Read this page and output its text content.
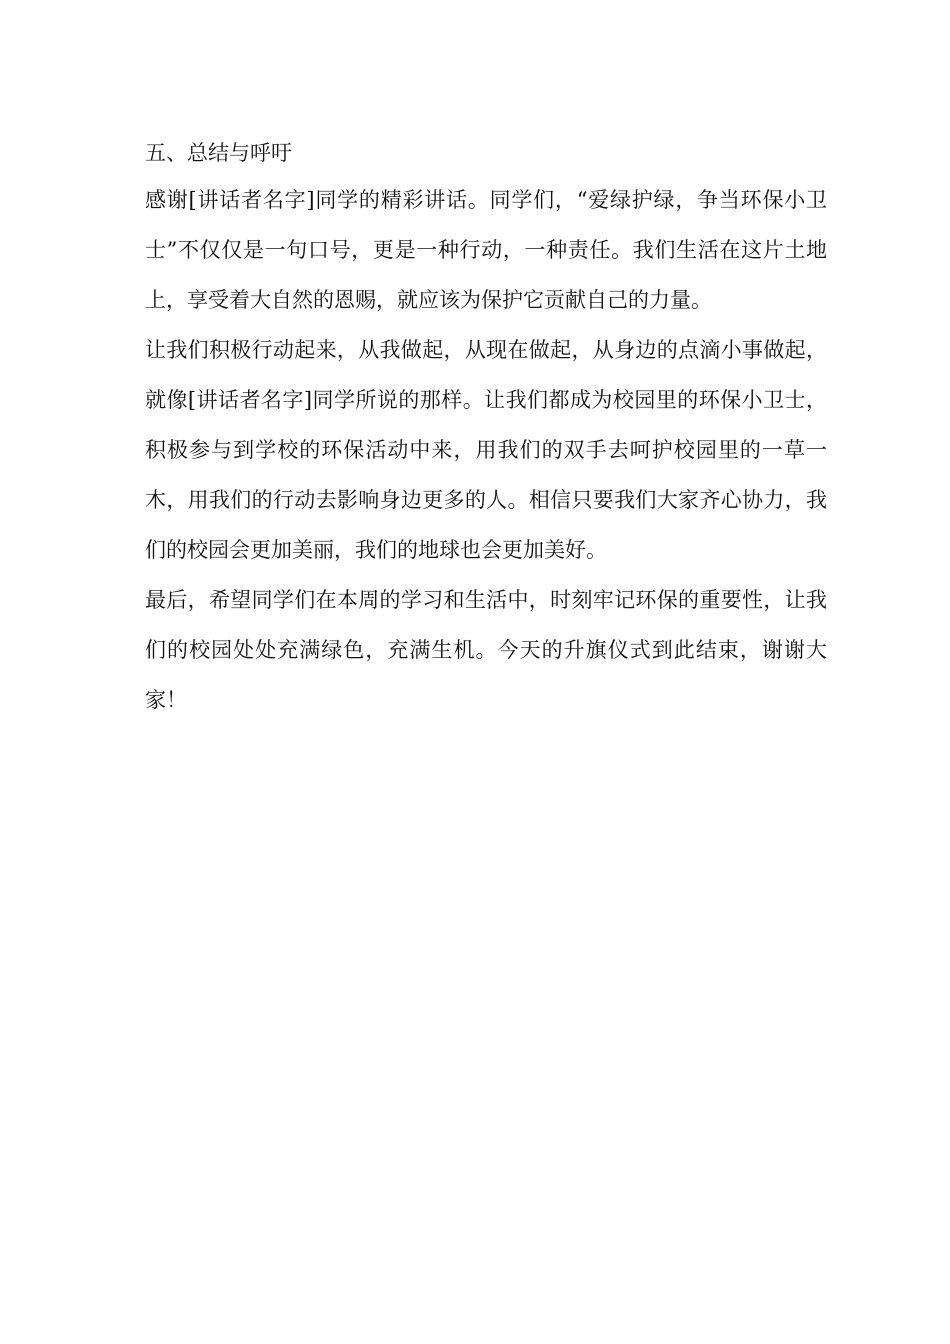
五、总结与呼吁

感谢[讲话者名字]同学的精彩讲话。同学们，“爱绿护绿，争当环保小卫士”不仅仅是一句口号，更是一种行动，一种责任。我们生活在这片土地上，享受着大自然的恩赐，就应该为保护它贡献自己的力量。

让我们积极行动起来，从我做起，从现在做起，从身边的点滴小事做起，就像[讲话者名字]同学所说的那样。让我们都成为校园里的环保小卫士，积极参与到学校的环保活动中来，用我们的双手去呵护校园里的一草一木，用我们的行动去影响身边更多的人。相信只要我们大家齐心协力，我们的校园会更加美丽，我们的地球也会更加美好。

最后，希望同学们在本周的学习和生活中，时刻牢记环保的重要性，让我们的校园处处充满绿色，充满生机。今天的升旗仪式到此结束，谢谢大家！
